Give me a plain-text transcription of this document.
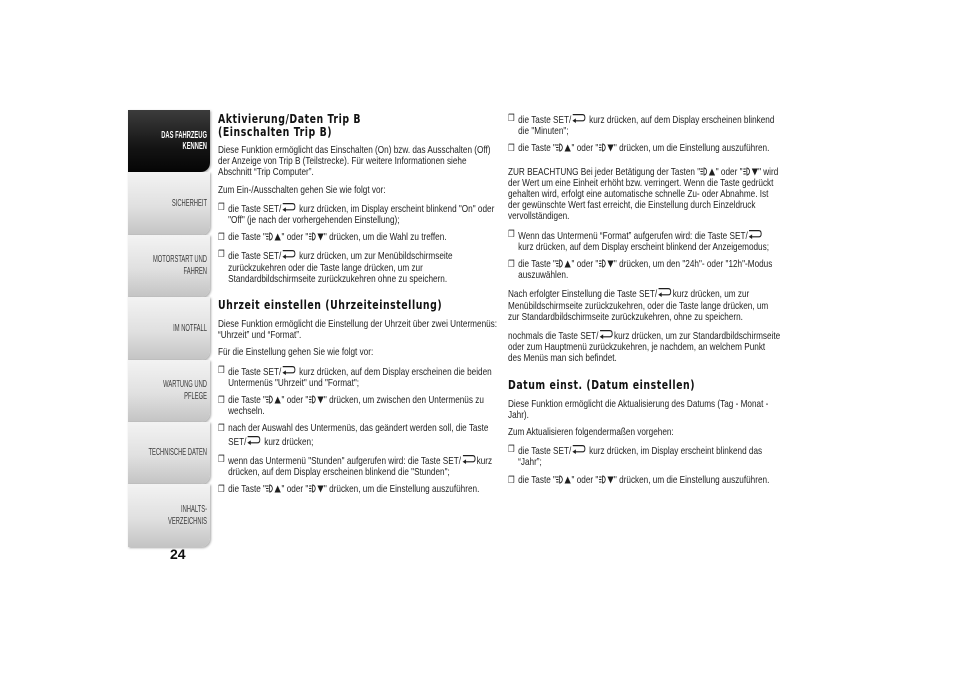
DAS FAHRZEUG
KENNEN
SICHERHEIT
MOTORSTART UND
FAHREN
IM NOTFALL
WARTUNG UND
PFLEGE
TECHNISCHE DATEN
INHALTS-
VERZEICHNIS
24
Aktivierung/Daten Trip B
(Einschalten Trip B)

Diese Funktion ermöglicht das Einschalten (On) bzw. das Ausschalten (Off) der Anzeige von Trip B (Teilstrecke). Für weitere Informationen siehe Abschnitt “Trip Computer”.

Zum Ein-/Ausschalten gehen Sie wie folgt vor:

❒ die Taste SET/
kurz drücken, im Display erscheint blinkend "On" oder "Off" (je nach der vorhergehenden Einstellung);

❒ die Taste " " oder " " drücken, um die Wahl zu treffen.

❒ die Taste SET/
kurz drücken, um zur Menübildschirmseite zurückzukehren oder die Taste lange drücken, um zur Standardbildschirmseite zurückzukehren ohne zu speichern.

Uhrzeit einstellen (Uhrzeiteinstellung)

Diese Funktion ermöglicht die Einstellung der Uhrzeit über zwei Untermenüs: “Uhrzeit” und “Format”.

Für die Einstellung gehen Sie wie folgt vor:

❒ die Taste SET/
kurz drücken, auf dem Display erscheinen die beiden Untermenüs "Uhrzeit" und "Format";

❒ die Taste " " oder " " drücken, um zwischen den Untermenüs zu wechseln.

❒ nach der Auswahl des Untermenüs, das geändert werden soll, die Taste SET/
kurz drücken;

❒ wenn das Untermenü "Stunden" aufgerufen wird: die Taste SET/ kurz drücken, auf dem Display erscheinen blinkend die "Stunden";

❒ die Taste " " oder " " drücken, um die Einstellung auszuführen.

❒ die Taste SET/
kurz drücken, auf dem Display erscheinen blinkend die "Minuten";

❒ die Taste " " oder " " drücken, um die Einstellung auszuführen.

ZUR BEACHTUNG Bei jeder Betätigung der Tasten " " oder " " wird der Wert um eine Einheit erhöht bzw. verringert. Wenn die Taste gedrückt gehalten wird, erfolgt eine automatische schnelle Zu- oder Abnahme. Ist der gewünschte Wert fast erreicht, die Einstellung durch Einzeldruck vervollständigen.

❒ Wenn das Untermenü “Format” aufgerufen wird: die Taste SET/
kurz drücken, auf dem Display erscheint blinkend der Anzeigemodus;

❒ die Taste " " oder " " drücken, um den "24h"- oder "12h"-Modus auszuwählen.

Nach erfolgter Einstellung die Taste SET/ kurz drücken, um zur Menübildschirmseite zurückzukehren, oder die Taste lange drücken, um zur Standardbildschirmseite zurückzukehren, ohne zu speichern.

nochmals die Taste SET/ kurz drücken, um zur Standardbildschirmseite oder zum Hauptmenü zurückzukehren, je nachdem, an welchem Punkt des Menüs man sich befindet.

Datum einst. (Datum einstellen)

Diese Funktion ermöglicht die Aktualisierung des Datums (Tag - Monat - Jahr).

Zum Aktualisieren folgendermaßen vorgehen:

❒ die Taste SET/
kurz drücken, im Display erscheint blinkend das “Jahr”;

❒ die Taste " " oder " " drücken, um die Einstellung auszuführen.
